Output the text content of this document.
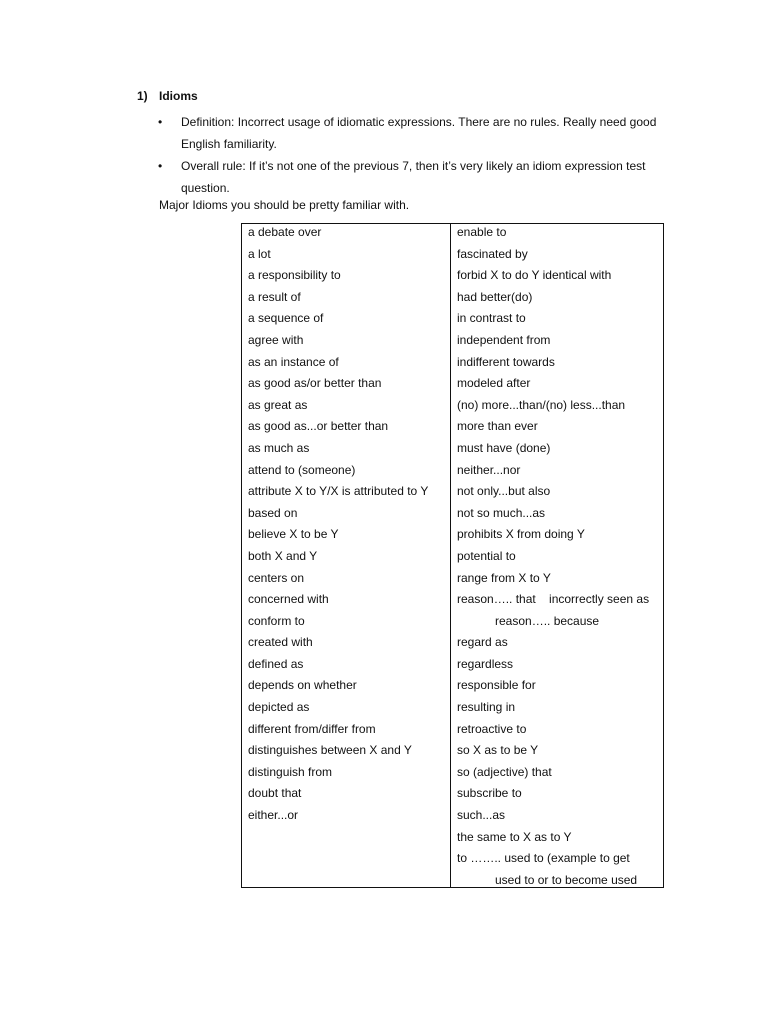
1) Idioms
• Definition: Incorrect usage of idiomatic expressions. There are no rules. Really need good English familiarity.
• Overall rule: If it’s not one of the previous 7, then it’s very likely an idiom expression test question.
Major Idioms you should be pretty familiar with.
a debate over
a lot
a responsibility to
a result of
a sequence of
agree with
as an instance of
as good as/or better than
as great as
as good as...or better than
as much as
attend to (someone)
attribute X to Y/X is attributed to Y
based on
believe X to be Y
both X and Y
centers on
concerned with
conform to
created with
defined as
depends on whether
depicted as
different from/differ from
distinguishes between X and Y
distinguish from
doubt that
either...or
enable to
fascinated by
forbid X to do Y identical with
had better(do)
in contrast to
independent from
indifferent towards
modeled after
(no) more...than/(no) less...than
more than ever
must have (done)
neither...nor
not only...but also
not so much...as
prohibits X from doing Y
potential to
range from X to Y
reason….. that    incorrectly seen as
reason….. because
regard as
regardless
responsible for
resulting in
retroactive to
so X as to be Y
so (adjective) that
subscribe to
such...as
the same to X as to Y
to …….. used to (example to get
used to or to become used
